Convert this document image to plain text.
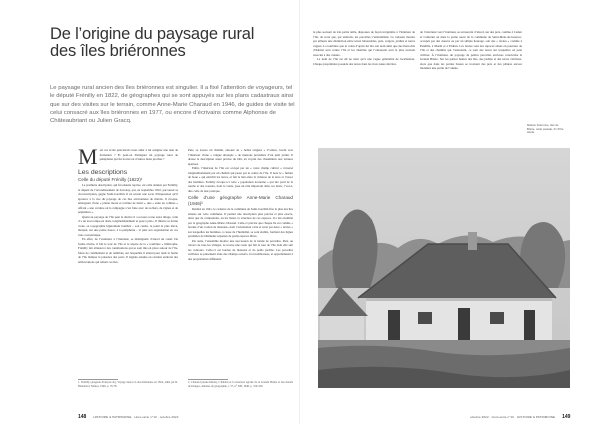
De l’origine du paysage rural
des îles briéronnes
Le paysage rural ancien des îles briéronnes est singulier. Il a fixé l’attention de voyageurs, tel le député Frénilly en 1822, de géographes qui se sont appuyés sur les plans cadastraux ainsi que sur des visites sur le terrain, comme Anne-Marie Charaud en 1946, de guides de visite tel celui consacré aux îles briéronnes en 1977, ou encore d’écrivains comme Alphonse de Châteaubriant ou Julien Gracq.

Mais ces écrits peuvent-ils nous aider à lui assigner une date de formation ? Et peut-on distinguer un paysage rural de pénéplaine qui fut trouvé en d’autres lieux proches ?

Les descriptions
Celle du député Frénilly (1822)¹

La première description, qui fut ensuite reprise, est celle donnée par Frénilly, le député de l’arrondissement de Savenay, qui, en septembre 1822, parcourut sa circonscription, gagne Saint-Joachim. Il en ressort une sorte d’impression qu’il éprouve à la vue du paysage de ces îles environnées de marais. Il évoque, émergeant d’une « plaine morte et revêtue de deuil », une « suite en collines » offrant « une verdure où la campagne s’est faite avec de rochers, de vignes et de pépinières ».

Quant au paysage de l’île peut le décrire il a recours à une autre image, celle d’« un tout rompu en deux, longitudinalement et posé à plat». Il illustre sa forme ovale, sa topographie légèrement bombée – son centre, le point le plus élevé, marqué, sur une petite douce, à la périphérie – et puis son organisation en ces trois concentrique.

En effet, de l’extérieur à l’intérieur, se distinguent d’abord un canal. De forme étroite, il fait le tour de l’île et le sépare de la « tourbière » limitrophe. Frénilly fait allusion à des canalisations qui se sont mis en place autour de l’île, faites de comblement et de remblais, sur lesquelles il attend pour tenir la ferme de l’île indique la présence des ports. Il signale ensuite en certains endroits des embarcations qui relient ces îles.

Puis, se trouve un chemin, entouré de « belles rangées » d’arbres, bordé vers l’intérieur d’une « rangée allongée » de maisons précédées d’un petit jardin. Il dresse la description assez précise du bâti, en voyant des chaumières aux toitures épaisses.

Enfin, l’intérieur de l’île est occupé par un « vaste champ cultivé » traversé longitudinalement par un chemin qui passe par le centre de l’île. Il note le « fumier de boue » qui enrichit les terres, et fait le lien entre la richesse de la terre et l’essor des hommes. Frénilly évoque ici cette « population économe » qui tire parti de la tourbe et des roseaux, dont la vente, joue un rôle important dans ces lieux, c’est-à-dire celle de leur pratique.

Celle d’une géographe Anne-Marie Charaud (1946)²

Réalisé en 1941, le cadastre de la commune de Saint-Joachim fixe la plus des îles situées sur cette commune. Il permet une description plus précise et plus exacte, ainsi que de comprendre, en les lisant, la structure de ces espaces. Il a été examiné par la géographe Anne-Marie Charaud. Celle-ci précise que chaque île est comme « bordée d’un cordon de maisons» dont l’orientation varie et reste par deux « levées » sur lesquelles les hommes, à cause de l’humidité, se sont établis, formant des lignes parallèles de bâtiments séparées de petits espaces libres.

Par suite, l’ensemble montre une succession de la bande de parcelles. Puis, au travers de tous les villages, se trouve une route qui fait le tour de l’île dont elle suit les contours. Celle-ci est bordée de maisons et de petits jardins. Les parcelles cultivées se présentent dans des champs ouverts, fort nombreuses, et appartiennent à des propriétaires différents.

1. Frénilly (Auguste-François de), Voyage dans la Loire-Inférieure en 1822, édité par R. Blanchard, Nantes, 1946, p. 76-78.
2. Charaud (Anne-Marie), L’habitat et la structure agraire de la Grande Brière et des marais de Donges, Annales de géographie, t. 57, n° 308, 1948, p. 319-330.
148 HISTOIRE & PATRIMOINE · Hors-série n°10 · octobre 2022

le plus souvent de très petite taille, disposées de façon irrégulière à l’intérieur de l’île, de sorte que, par endroits, les parcelles s’entremêlent. Le cadastre montre par ailleurs une distinction entre terres labourables, prés, vergers, jardins et terres vagues. La tourbière que le colon d’après lui tire son nom ainsi que des lieux-dits d’habitat sont contre l’île et les chemins qui l’entourent sont le plus souvent associés à des canaux.

Le nom de l’île est dit ne tenir qu’à une vague généralité de localisation. Chaque propriétaire possède des terres dans les trois zones décrites.

de l’extérieur vers l’intérieur, se retrouvent d’abord, sur des prés, comme à Camer et Camerun où dans la partie ouest de la commune de Saint-Malo-de-Guersac, occupés par des douves ou par un simple hourage, soit des « levées » comme à Pendille, à Mazin et à Fédrun. Les levées sont des espaces situés en pourtour de l’île et des chemins qui l’entourent, ce sont des terres sur lesquelles on peut cultiver. À l’intérieur, un paysage de petites parcelles encloses caractérise la Grande Brière. Sur les parties hautes des îles, des jardins et des terres cultivées, alors que dans les parties basses se trouvent des prés et des pâtures encore inondées une partie de l’année.

Maison briéronne, îles de Brière, carte postale, fin XIXe siècle.
octobre 2022 · Hors-série n°10 · HISTOIRE & PATRIMOINE 149
